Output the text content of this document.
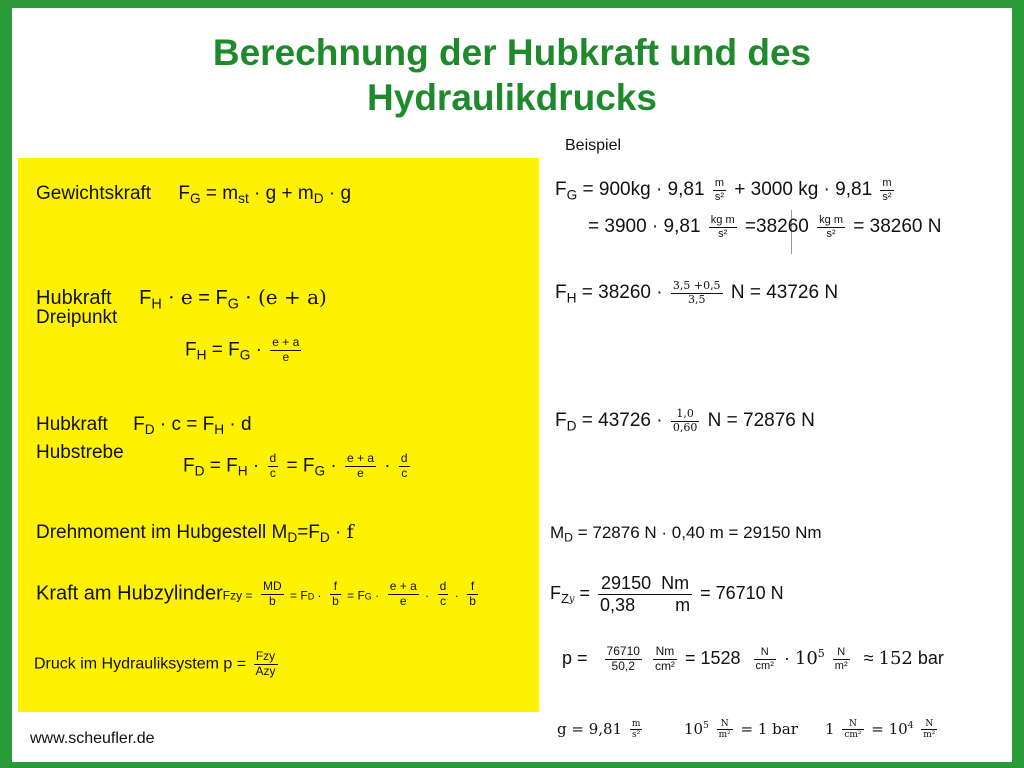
Berechnung der Hubkraft und des
Hydraulikdrucks
Beispiel
Gewichtskraft $F_G = m_{st} \cdot g + m_D \cdot g$
Hubkraft $F_H \cdot e = F_G \cdot (e + a)$
Dreipunkt
$F_H = F_G \cdot \frac{e + a}{e}$
Hubkraft $F_D \cdot c = F_H \cdot d$
Hubstrebe
$F_D = F_H \cdot \frac{d}{c} = F_G \cdot \frac{e + a}{e} \cdot \frac{d}{c}$
Drehmoment im Hubgestell $M_D=F_D \cdot f$
Kraft am HubzylinderFzy = $\frac{MD}{b}$ = FD · $\frac{f}{b}$ = FG · $\frac{e + a}{e} \cdot \frac{d}{c} \cdot \frac{f}{b}$
Druck im Hydrauliksystem $p = \frac{\text{Fzy}}{\text{Azy}}$
$F_G = 900kg \cdot 9,81 \frac{m}{\text{s²}} + 3000$ kg · $9,81 \frac{m}{\text{s²}}$
= $3900 \cdot 9,81 \frac{\text{kg m}}{\text{s²}} =38260 \frac{\text{kg m}}{\text{s²}} = 38260$ N
$F_H = 38260 \cdot \frac{3,5 +0,5}{3,5}$ N = 43726 N
$F_D = 43726 \cdot \frac{1,0}{0,60}$ N = 72876 N
$M_D = 72876$ N · 0,40 m = 29150 Nm
$F_{Zy} = \frac{29150 Nm}{0,38 m} = 76710$ N
$p = \frac{76710}{50,2}$
$\frac{Nm}{\text{cm²}} = 1528 \frac{N}{\text{cm²}} \cdot 10^5 \frac{N}{\text{m²}} \approx 152$ bar
www.scheufler.de
$g = 9,81 \frac{m}{\text{s²}}$	$10^5 \frac{N}{\text{m²}} = 1$ bar $1 \frac{N}{\text{cm²}} = 10^4 \frac{N}{\text{m²}}$
